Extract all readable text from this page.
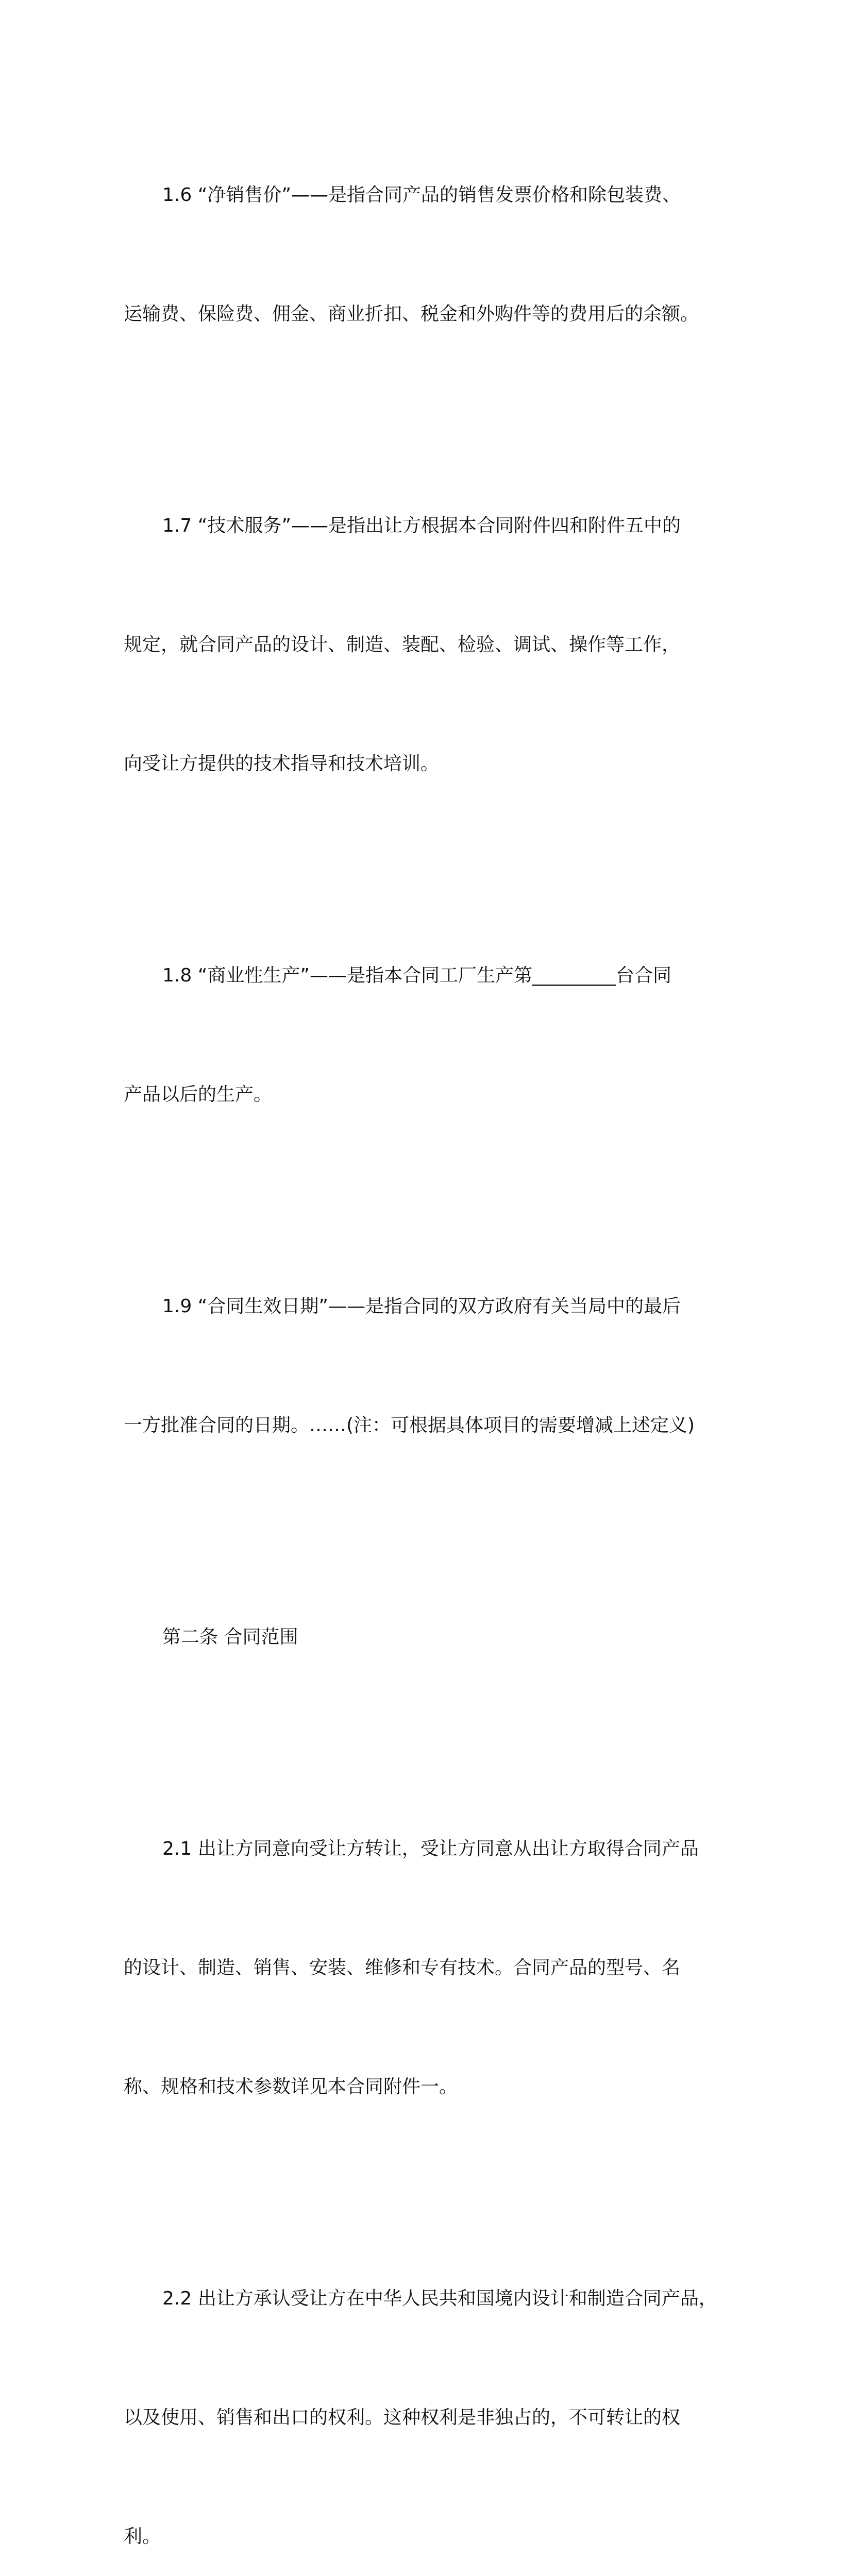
1.6 “净销售价”——是指合同产品的销售发票价格和除包装费、

运输费、保险费、佣金、商业折扣、税金和外购件等的费用后的余额。

1.7 “技术服务”——是指出让方根据本合同附件四和附件五中的

规定，就合同产品的设计、制造、装配、检验、调试、操作等工作，

向受让方提供的技术指导和技术培训。

1.8 “商业性生产”——是指本合同工厂生产第_________台合同

产品以后的生产。

1.9 “合同生效日期”——是指合同的双方政府有关当局中的最后

一方批准合同的日期。……(注：可根据具体项目的需要增减上述定义)

第二条 合同范围

2.1 出让方同意向受让方转让，受让方同意从出让方取得合同产品

的设计、制造、销售、安装、维修和专有技术。合同产品的型号、名

称、规格和技术参数详见本合同附件一。

2.2 出让方承认受让方在中华人民共和国境内设计和制造合同产品，

以及使用、销售和出口的权利。这种权利是非独占的，不可转让的权

利。
